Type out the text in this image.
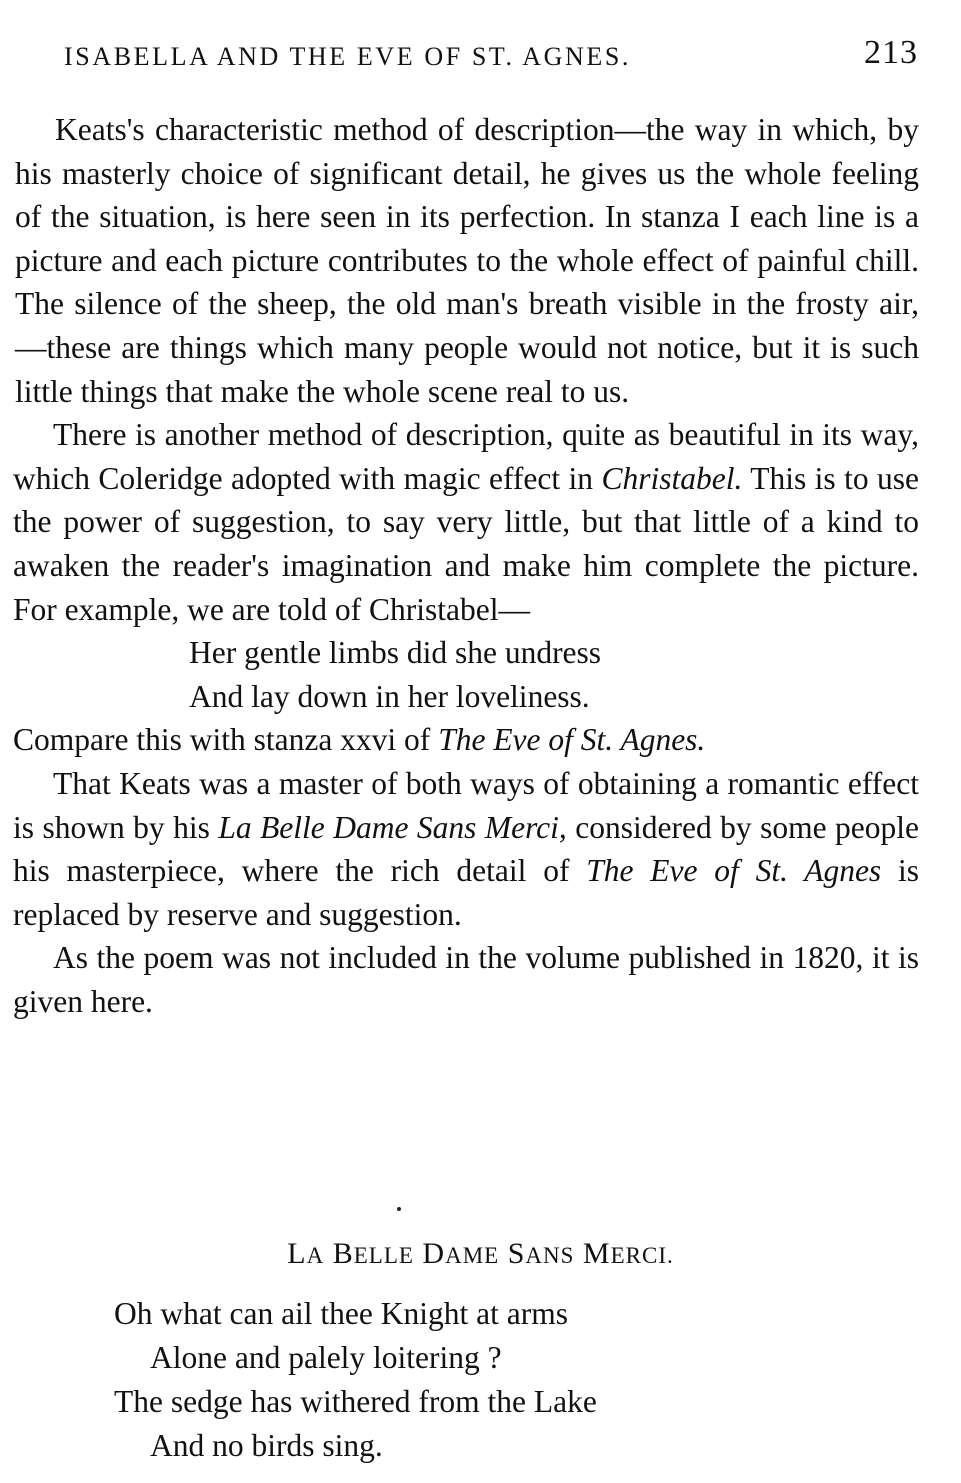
ISABELLA AND THE EVE OF ST. AGNES.	213

Keats's characteristic method of description—the way in which, by his masterly choice of significant detail, he gives us the whole feeling of the situation, is here seen in its perfection. In stanza I each line is a picture and each picture contributes to the whole effect of painful chill. The silence of the sheep, the old man's breath visible in the frosty air,—these are things which many people would not notice, but it is such little things that make the whole scene real to us.

There is another method of description, quite as beautiful in its way, which Coleridge adopted with magic effect in Christabel. This is to use the power of suggestion, to say very little, but that little of a kind to awaken the reader's imagination and make him complete the picture. For example, we are told of Christabel—

Her gentle limbs did she undress
And lay down in her loveliness.

Compare this with stanza xxvi of The Eve of St. Agnes.

That Keats was a master of both ways of obtaining a romantic effect is shown by his La Belle Dame Sans Merci, considered by some people his masterpiece, where the rich detail of The Eve of St. Agnes is replaced by reserve and suggestion.

As the poem was not included in the volume published in 1820, it is given here.

LA BELLE DAME SANS MERCI.
Oh what can ail thee Knight at arms
Alone and palely loitering ?
The sedge has withered from the Lake
And no birds sing.
